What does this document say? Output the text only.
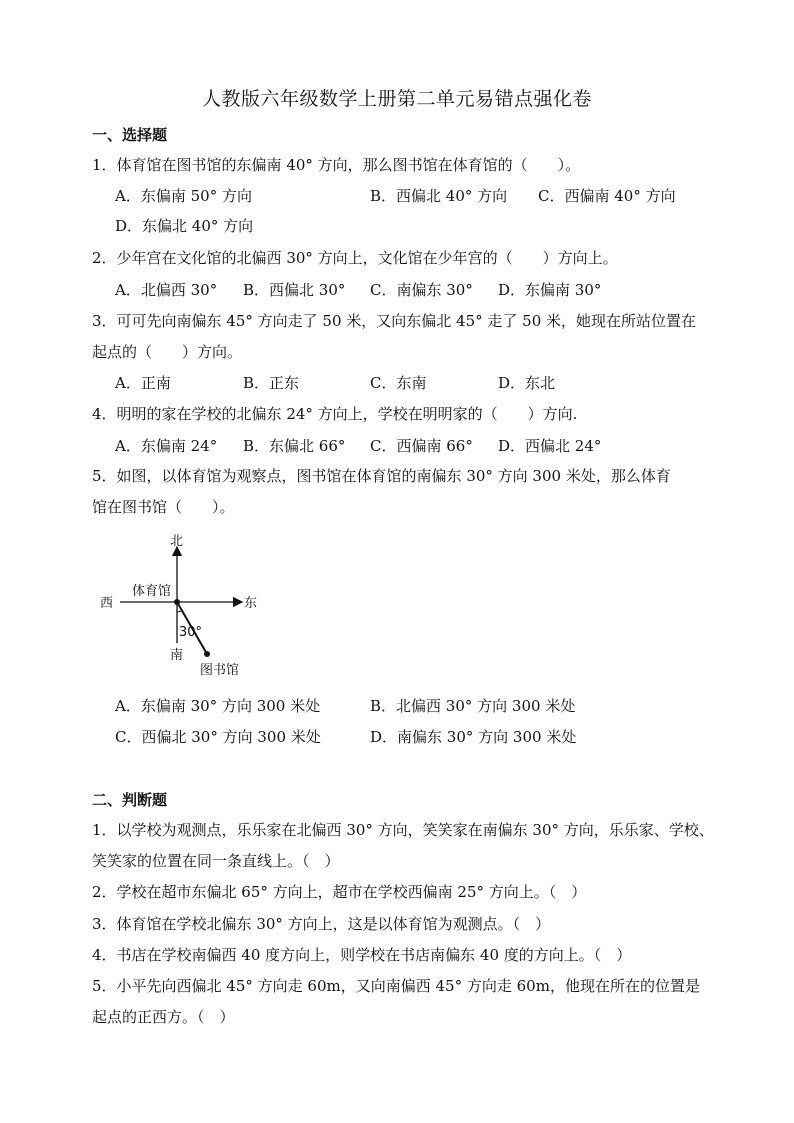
人教版六年级数学上册第二单元易错点强化卷
一、选择题
1．体育馆在图书馆的东偏南 40° 方向，那么图书馆在体育馆的（　　）。
A．东偏南 50° 方向	B．西偏北 40° 方向 C．西偏南 40° 方向
D．东偏北 40° 方向
2．少年宫在文化馆的北偏西 30° 方向上，文化馆在少年宫的（　　）方向上。
A．北偏西 30° B．西偏北 30° C．南偏东 30° D．东偏南 30°
3．可可先向南偏东 45° 方向走了 50 米，又向东偏北 45° 走了 50 米，她现在所站位置在
起点的（　　）方向。
A．正南	B．正东	C．东南	D．东北
4．明明的家在学校的北偏东 24° 方向上，学校在明明家的（　　）方向.
A．东偏南 24° B．东偏北 66° C．西偏南 66° D．西偏北 24°
5．如图，以体育馆为观察点，图书馆在体育馆的南偏东 30° 方向 300 米处，那么体育
馆在图书馆（　　）。
北
西	东
南
体育馆
30°
图书馆
A．东偏南 30° 方向 300 米处	B．北偏西 30° 方向 300 米处
C．西偏北 30° 方向 300 米处	D．南偏东 30° 方向 300 米处
二、判断题
1．以学校为观测点，乐乐家在北偏西 30° 方向，笑笑家在南偏东 30° 方向，乐乐家、学校、
笑笑家的位置在同一条直线上。（　）
2．学校在超市东偏北 65° 方向上，超市在学校西偏南 25° 方向上。（　）
3．体育馆在学校北偏东 30° 方向上，这是以体育馆为观测点。（　）
4．书店在学校南偏西 40 度方向上，则学校在书店南偏东 40 度的方向上。（　）
5．小平先向西偏北 45° 方向走 60m，又向南偏西 45° 方向走 60m，他现在所在的位置是
起点的正西方。（　）
